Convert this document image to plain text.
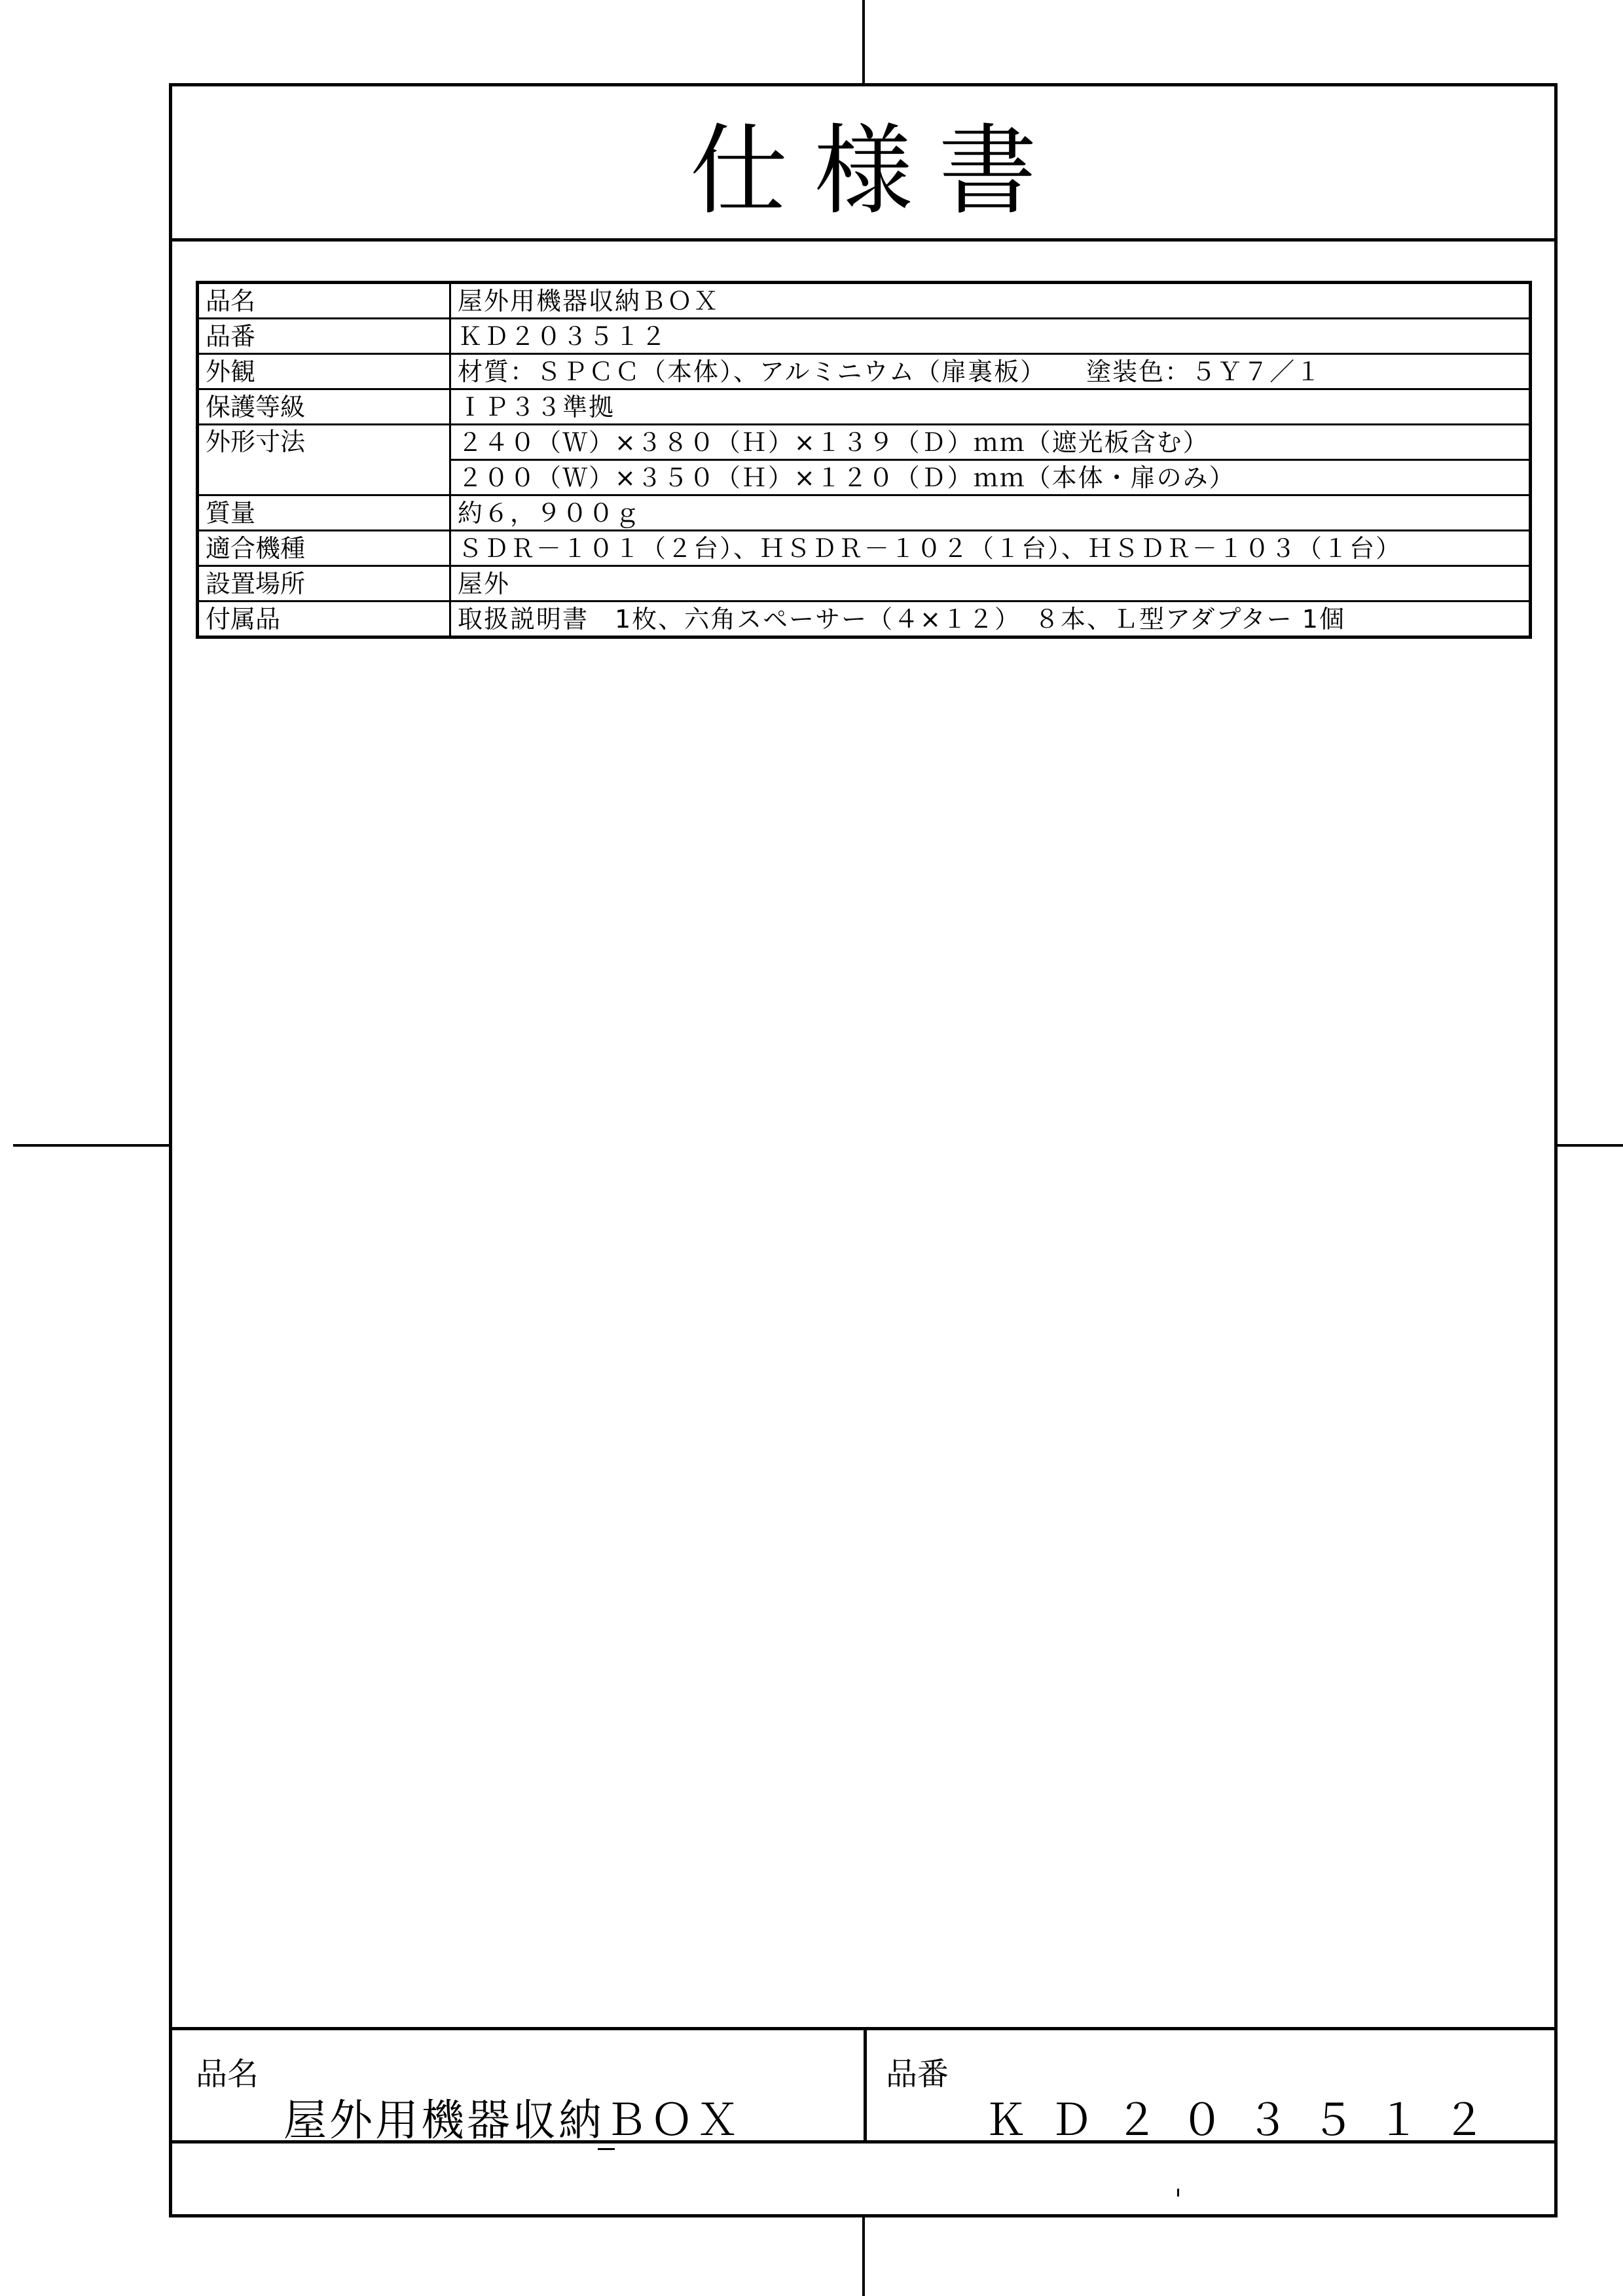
仕様書
品名	屋外用機器収納ＢＯＸ
品番	ＫＤ２０３５１２
外観	材質：ＳＰＣＣ（本体）、アルミニウム（扉裏板）　　塗装色：５Ｙ７／１
保護等級	ＩＰ３３準拠
外形寸法	２４０（Ｗ）×３８０（Ｈ）×１３９（Ｄ）ｍｍ（遮光板含む）
	２００（Ｗ）×３５０（Ｈ）×１２０（Ｄ）ｍｍ（本体・扉のみ）
質量	約６，９００ｇ
適合機種	ＳＤＲ－１０１（２台）、ＨＳＤＲ－１０２（１台）、ＨＳＤＲ－１０３（１台）
設置場所	屋外
付属品	取扱説明書　1枚、六角スペーサー（４×１２）　８本、Ｌ型アダプター 1個
品名
屋外用機器収納ＢＯＸ
品番
ＫＤ２０３５１２
